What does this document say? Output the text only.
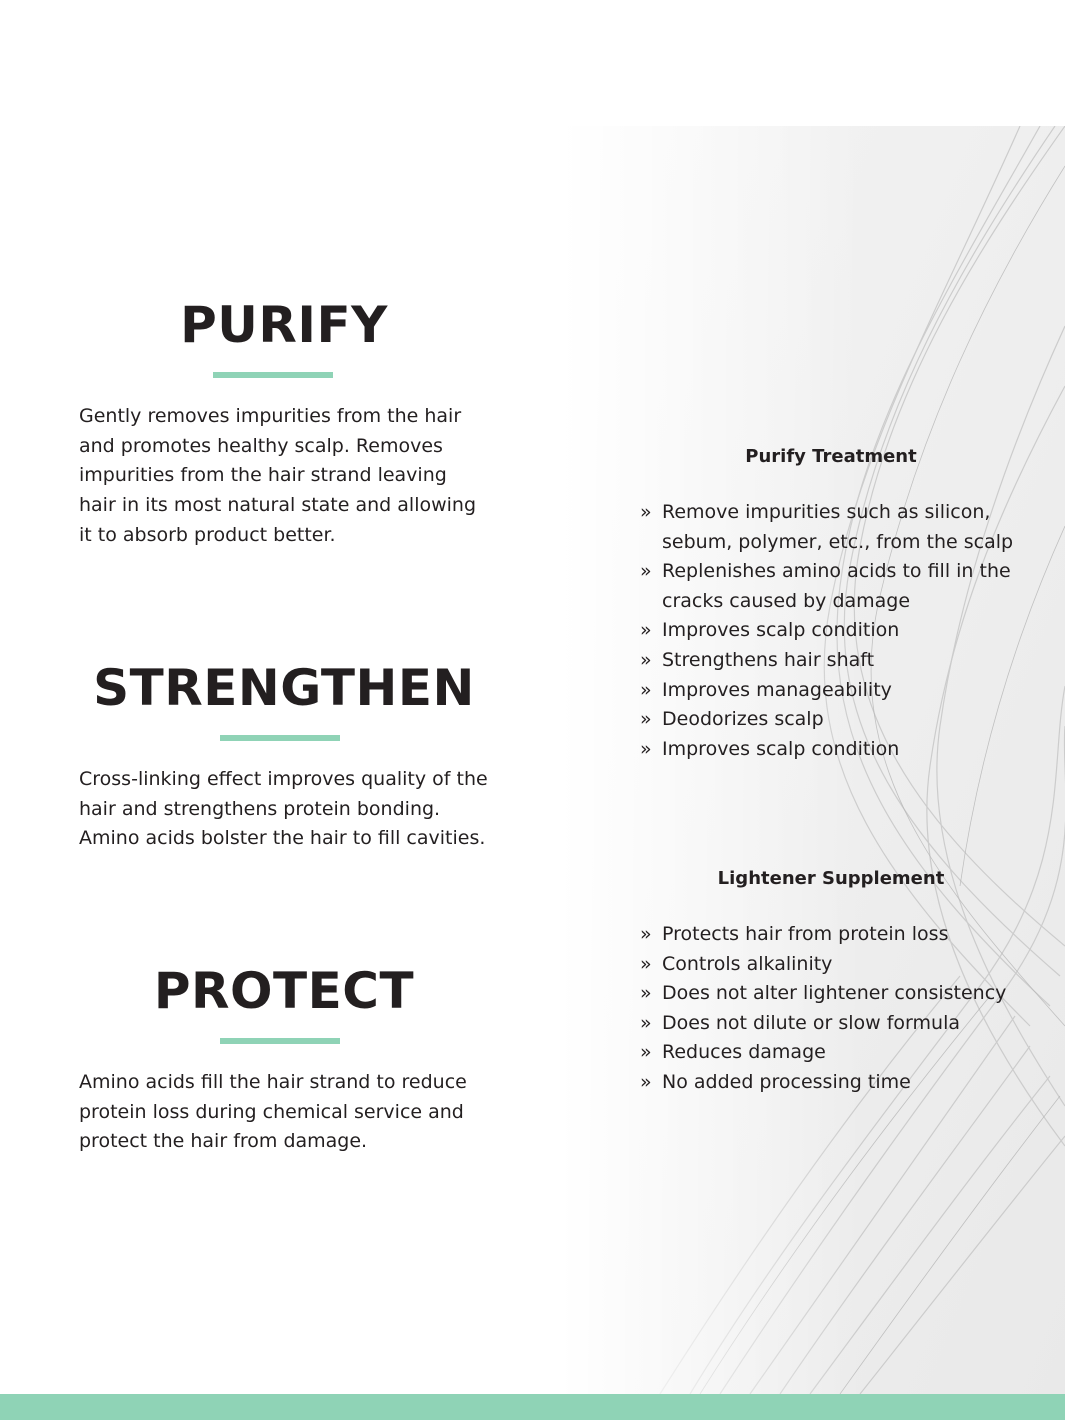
PURIFY

Gently removes impurities from the hair and promotes healthy scalp. Removes impurities from the hair strand leaving hair in its most natural state and allowing it to absorb product better.

STRENGTHEN

Cross-linking effect improves quality of the hair and strengthens protein bonding. Amino acids bolster the hair to fill cavities.

PROTECT

Amino acids fill the hair strand to reduce protein loss during chemical service and protect the hair from damage.

Purify Treatment
» Remove impurities such as silicon, sebum, polymer, etc., from the scalp
» Replenishes amino acids to fill in the cracks caused by damage
» Improves scalp condition
» Strengthens hair shaft
» Improves manageability
» Deodorizes scalp
» Improves scalp condition
Lightener Supplement
» Protects hair from protein loss
» Controls alkalinity
» Does not alter lightener consistency
» Does not dilute or slow formula
» Reduces damage
» No added processing time
